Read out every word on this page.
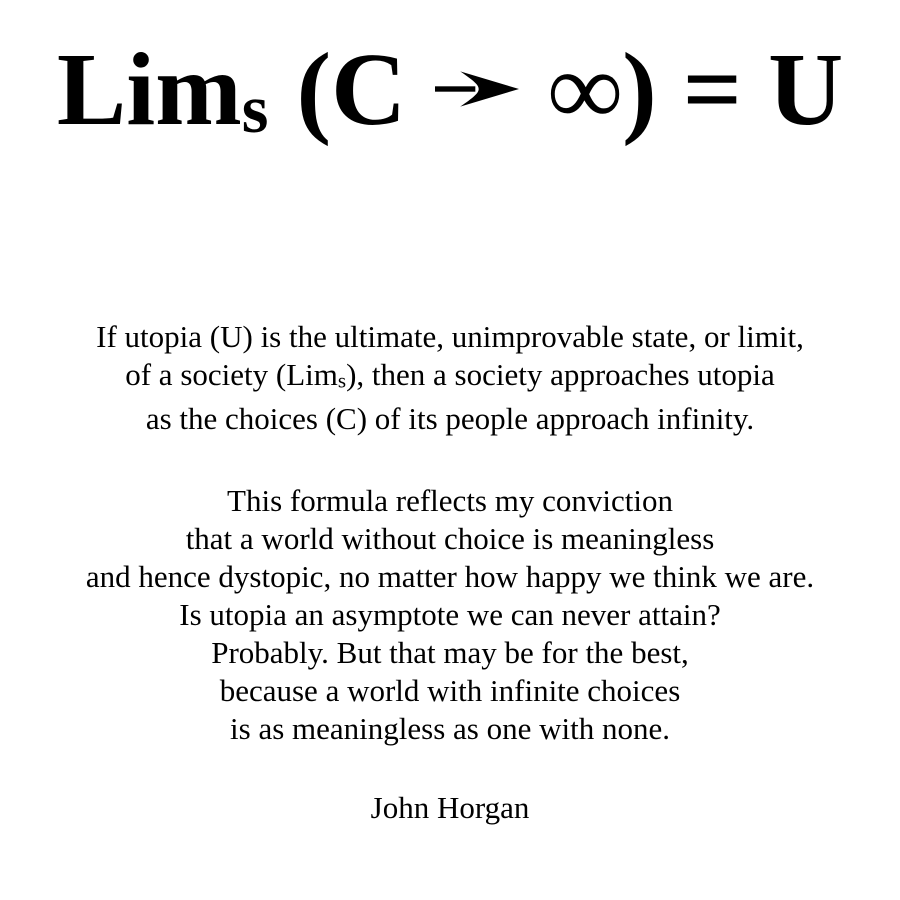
Lims (C ∞) = U
If utopia (U) is the ultimate, unimprovable state, or limit,
of a society (Lims), then a society approaches utopia
as the choices (C) of its people approach infinity.
This formula reflects my conviction
that a world without choice is meaningless
and hence dystopic, no matter how happy we think we are.
Is utopia an asymptote we can never attain?
Probably. But that may be for the best,
because a world with infinite choices
is as meaningless as one with none.
John Horgan
